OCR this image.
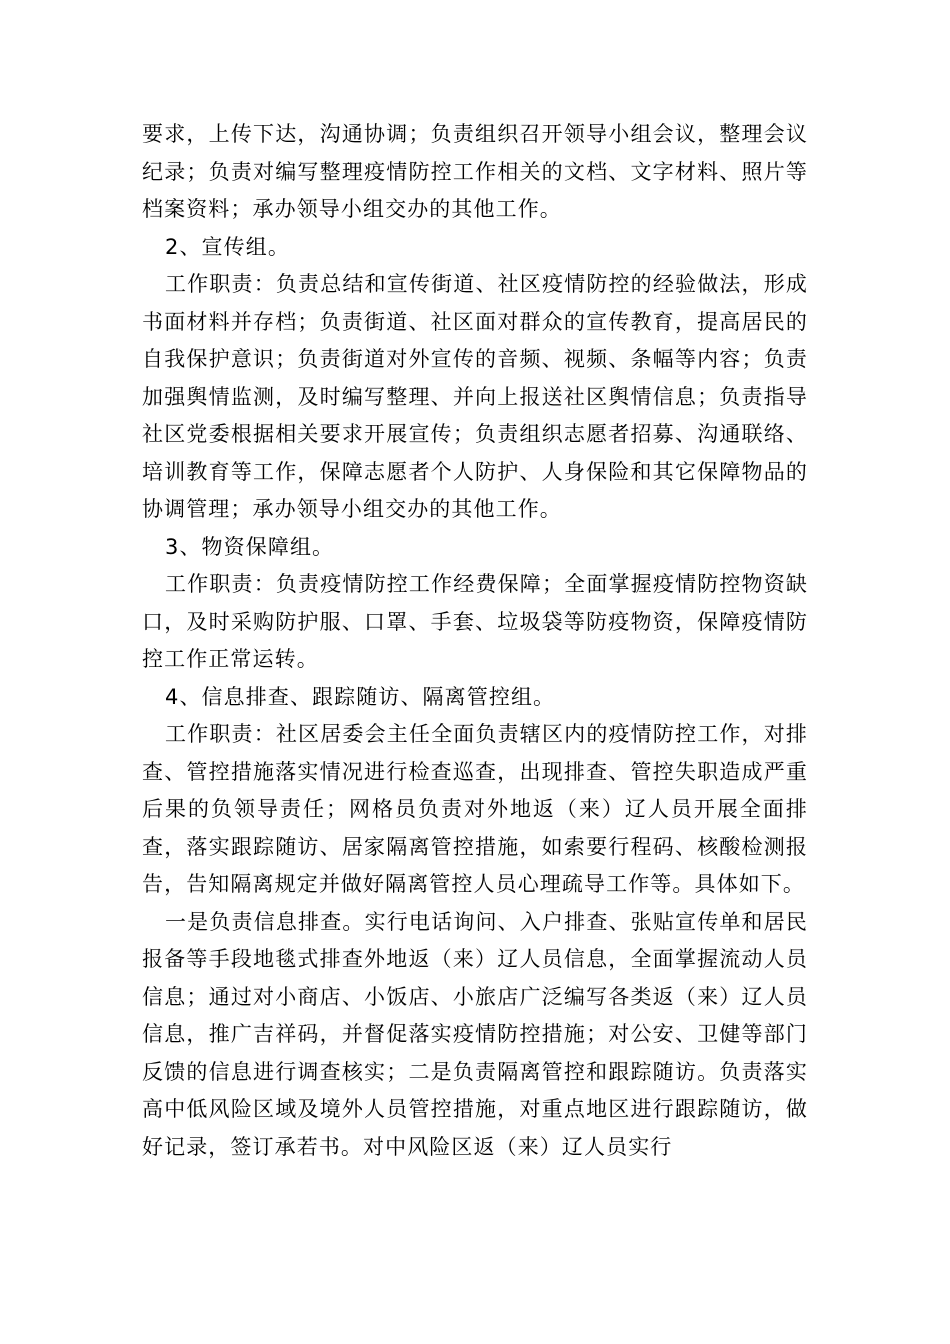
要求，上传下达，沟通协调；负责组织召开领导小组会议，整理会议纪录；负责对编写整理疫情防控工作相关的文档、文字材料、照片等档案资料；承办领导小组交办的其他工作。

2、宣传组。

工作职责：负责总结和宣传街道、社区疫情防控的经验做法，形成书面材料并存档；负责街道、社区面对群众的宣传教育，提高居民的自我保护意识；负责街道对外宣传的音频、视频、条幅等内容；负责加强舆情监测，及时编写整理、并向上报送社区舆情信息；负责指导社区党委根据相关要求开展宣传；负责组织志愿者招募、沟通联络、培训教育等工作，保障志愿者个人防护、人身保险和其它保障物品的协调管理；承办领导小组交办的其他工作。

3、物资保障组。

工作职责：负责疫情防控工作经费保障；全面掌握疫情防控物资缺口，及时采购防护服、口罩、手套、垃圾袋等防疫物资，保障疫情防控工作正常运转。

4、信息排查、跟踪随访、隔离管控组。

工作职责：社区居委会主任全面负责辖区内的疫情防控工作，对排查、管控措施落实情况进行检查巡查，出现排查、管控失职造成严重后果的负领导责任；网格员负责对外地返（来）辽人员开展全面排查，落实跟踪随访、居家隔离管控措施，如索要行程码、核酸检测报告，告知隔离规定并做好隔离管控人员心理疏导工作等。具体如下。

一是负责信息排查。实行电话询问、入户排查、张贴宣传单和居民报备等手段地毯式排查外地返（来）辽人员信息，全面掌握流动人员信息；通过对小商店、小饭店、小旅店广泛编写各类返（来）辽人员信息，推广吉祥码，并督促落实疫情防控措施；对公安、卫健等部门反馈的信息进行调查核实；二是负责隔离管控和跟踪随访。负责落实高中低风险区域及境外人员管控措施，对重点地区进行跟踪随访，做好记录，签订承若书。对中风险区返（来）辽人员实行
